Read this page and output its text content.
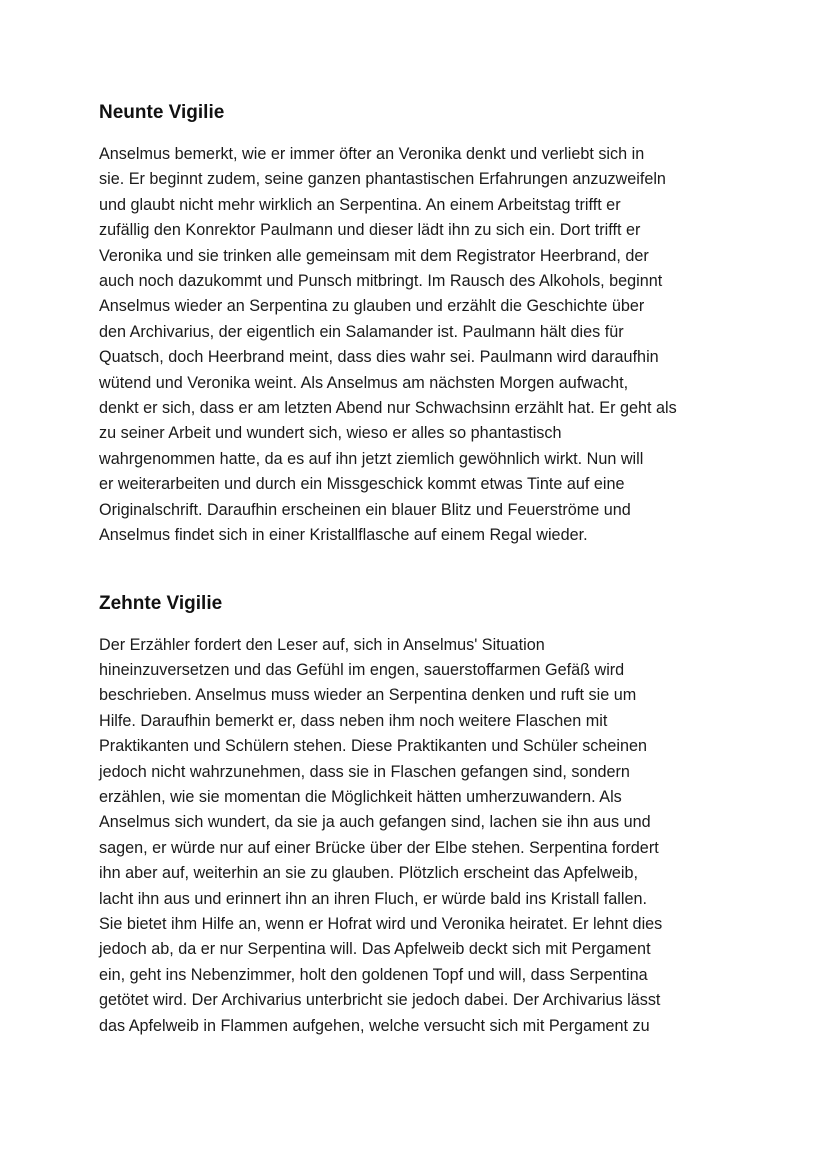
Neunte Vigilie
Anselmus bemerkt, wie er immer öfter an Veronika denkt und verliebt sich in
sie. Er beginnt zudem, seine ganzen phantastischen Erfahrungen anzuzweifeln
und glaubt nicht mehr wirklich an Serpentina. An einem Arbeitstag trifft er
zufällig den Konrektor Paulmann und dieser lädt ihn zu sich ein. Dort trifft er
Veronika und sie trinken alle gemeinsam mit dem Registrator Heerbrand, der
auch noch dazukommt und Punsch mitbringt. Im Rausch des Alkohols, beginnt
Anselmus wieder an Serpentina zu glauben und erzählt die Geschichte über
den Archivarius, der eigentlich ein Salamander ist. Paulmann hält dies für
Quatsch, doch Heerbrand meint, dass dies wahr sei. Paulmann wird daraufhin
wütend und Veronika weint. Als Anselmus am nächsten Morgen aufwacht,
denkt er sich, dass er am letzten Abend nur Schwachsinn erzählt hat. Er geht als
zu seiner Arbeit und wundert sich, wieso er alles so phantastisch
wahrgenommen hatte, da es auf ihn jetzt ziemlich gewöhnlich wirkt. Nun will
er weiterarbeiten und durch ein Missgeschick kommt etwas Tinte auf eine
Originalschrift. Daraufhin erscheinen ein blauer Blitz und Feuerströme und
Anselmus findet sich in einer Kristallflasche auf einem Regal wieder.
Zehnte Vigilie
Der Erzähler fordert den Leser auf, sich in Anselmus' Situation
hineinzuversetzen und das Gefühl im engen, sauerstoffarmen Gefäß wird
beschrieben. Anselmus muss wieder an Serpentina denken und ruft sie um
Hilfe. Daraufhin bemerkt er, dass neben ihm noch weitere Flaschen mit
Praktikanten und Schülern stehen. Diese Praktikanten und Schüler scheinen
jedoch nicht wahrzunehmen, dass sie in Flaschen gefangen sind, sondern
erzählen, wie sie momentan die Möglichkeit hätten umherzuwandern. Als
Anselmus sich wundert, da sie ja auch gefangen sind, lachen sie ihn aus und
sagen, er würde nur auf einer Brücke über der Elbe stehen. Serpentina fordert
ihn aber auf, weiterhin an sie zu glauben. Plötzlich erscheint das Apfelweib,
lacht ihn aus und erinnert ihn an ihren Fluch, er würde bald ins Kristall fallen.
Sie bietet ihm Hilfe an, wenn er Hofrat wird und Veronika heiratet. Er lehnt dies
jedoch ab, da er nur Serpentina will. Das Apfelweib deckt sich mit Pergament
ein, geht ins Nebenzimmer, holt den goldenen Topf und will, dass Serpentina
getötet wird. Der Archivarius unterbricht sie jedoch dabei. Der Archivarius lässt
das Apfelweib in Flammen aufgehen, welche versucht sich mit Pergament zu
